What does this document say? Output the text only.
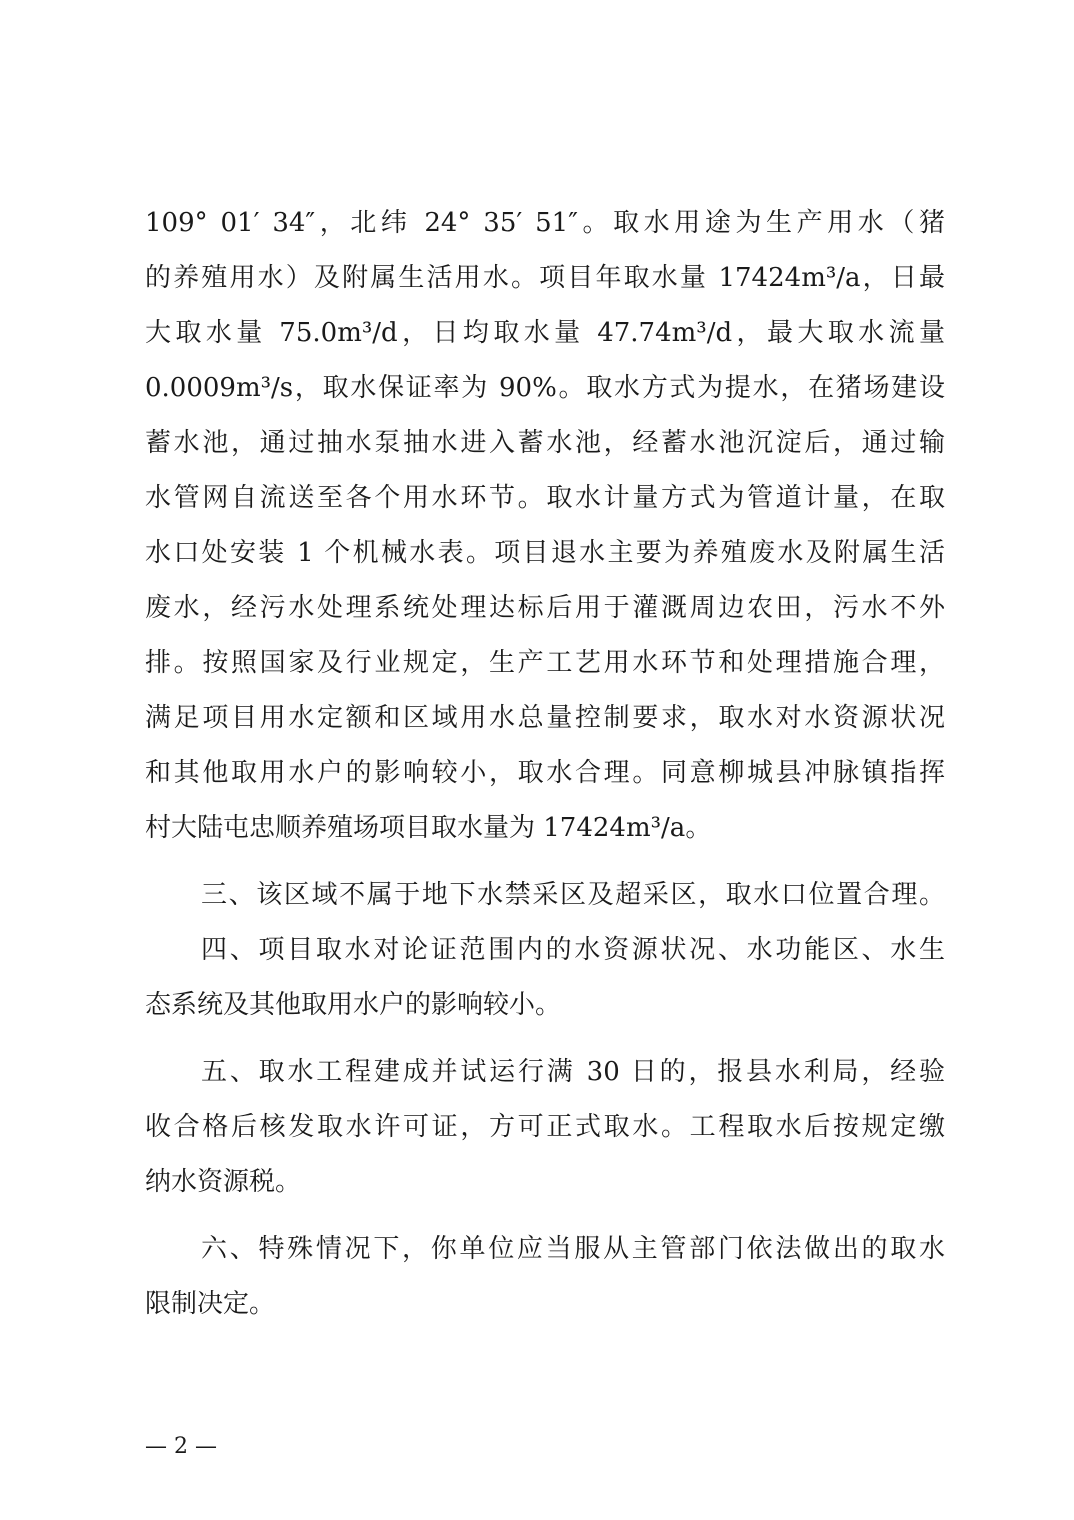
109° 01′ 34″，北纬 24° 35′ 51″。取水用途为生产用水（猪
的养殖用水）及附属生活用水。项目年取水量 17424m³/a，日最
大取水量 75.0m³/d，日均取水量 47.74m³/d，最大取水流量
0.0009m³/s，取水保证率为 90%。取水方式为提水，在猪场建设
蓄水池，通过抽水泵抽水进入蓄水池，经蓄水池沉淀后，通过输
水管网自流送至各个用水环节。取水计量方式为管道计量，在取
水口处安装 1 个机械水表。项目退水主要为养殖废水及附属生活
废水，经污水处理系统处理达标后用于灌溉周边农田，污水不外
排。按照国家及行业规定，生产工艺用水环节和处理措施合理，
满足项目用水定额和区域用水总量控制要求，取水对水资源状况
和其他取用水户的影响较小，取水合理。同意柳城县冲脉镇指挥
村大陆屯忠顺养殖场项目取水量为 17424m³/a。
三、该区域不属于地下水禁采区及超采区，取水口位置合理。
四、项目取水对论证范围内的水资源状况、水功能区、水生
态系统及其他取用水户的影响较小。
五、取水工程建成并试运行满 30 日的，报县水利局，经验
收合格后核发取水许可证，方可正式取水。工程取水后按规定缴
纳水资源税。
六、特殊情况下，你单位应当服从主管部门依法做出的取水
限制决定。
— 2 —
